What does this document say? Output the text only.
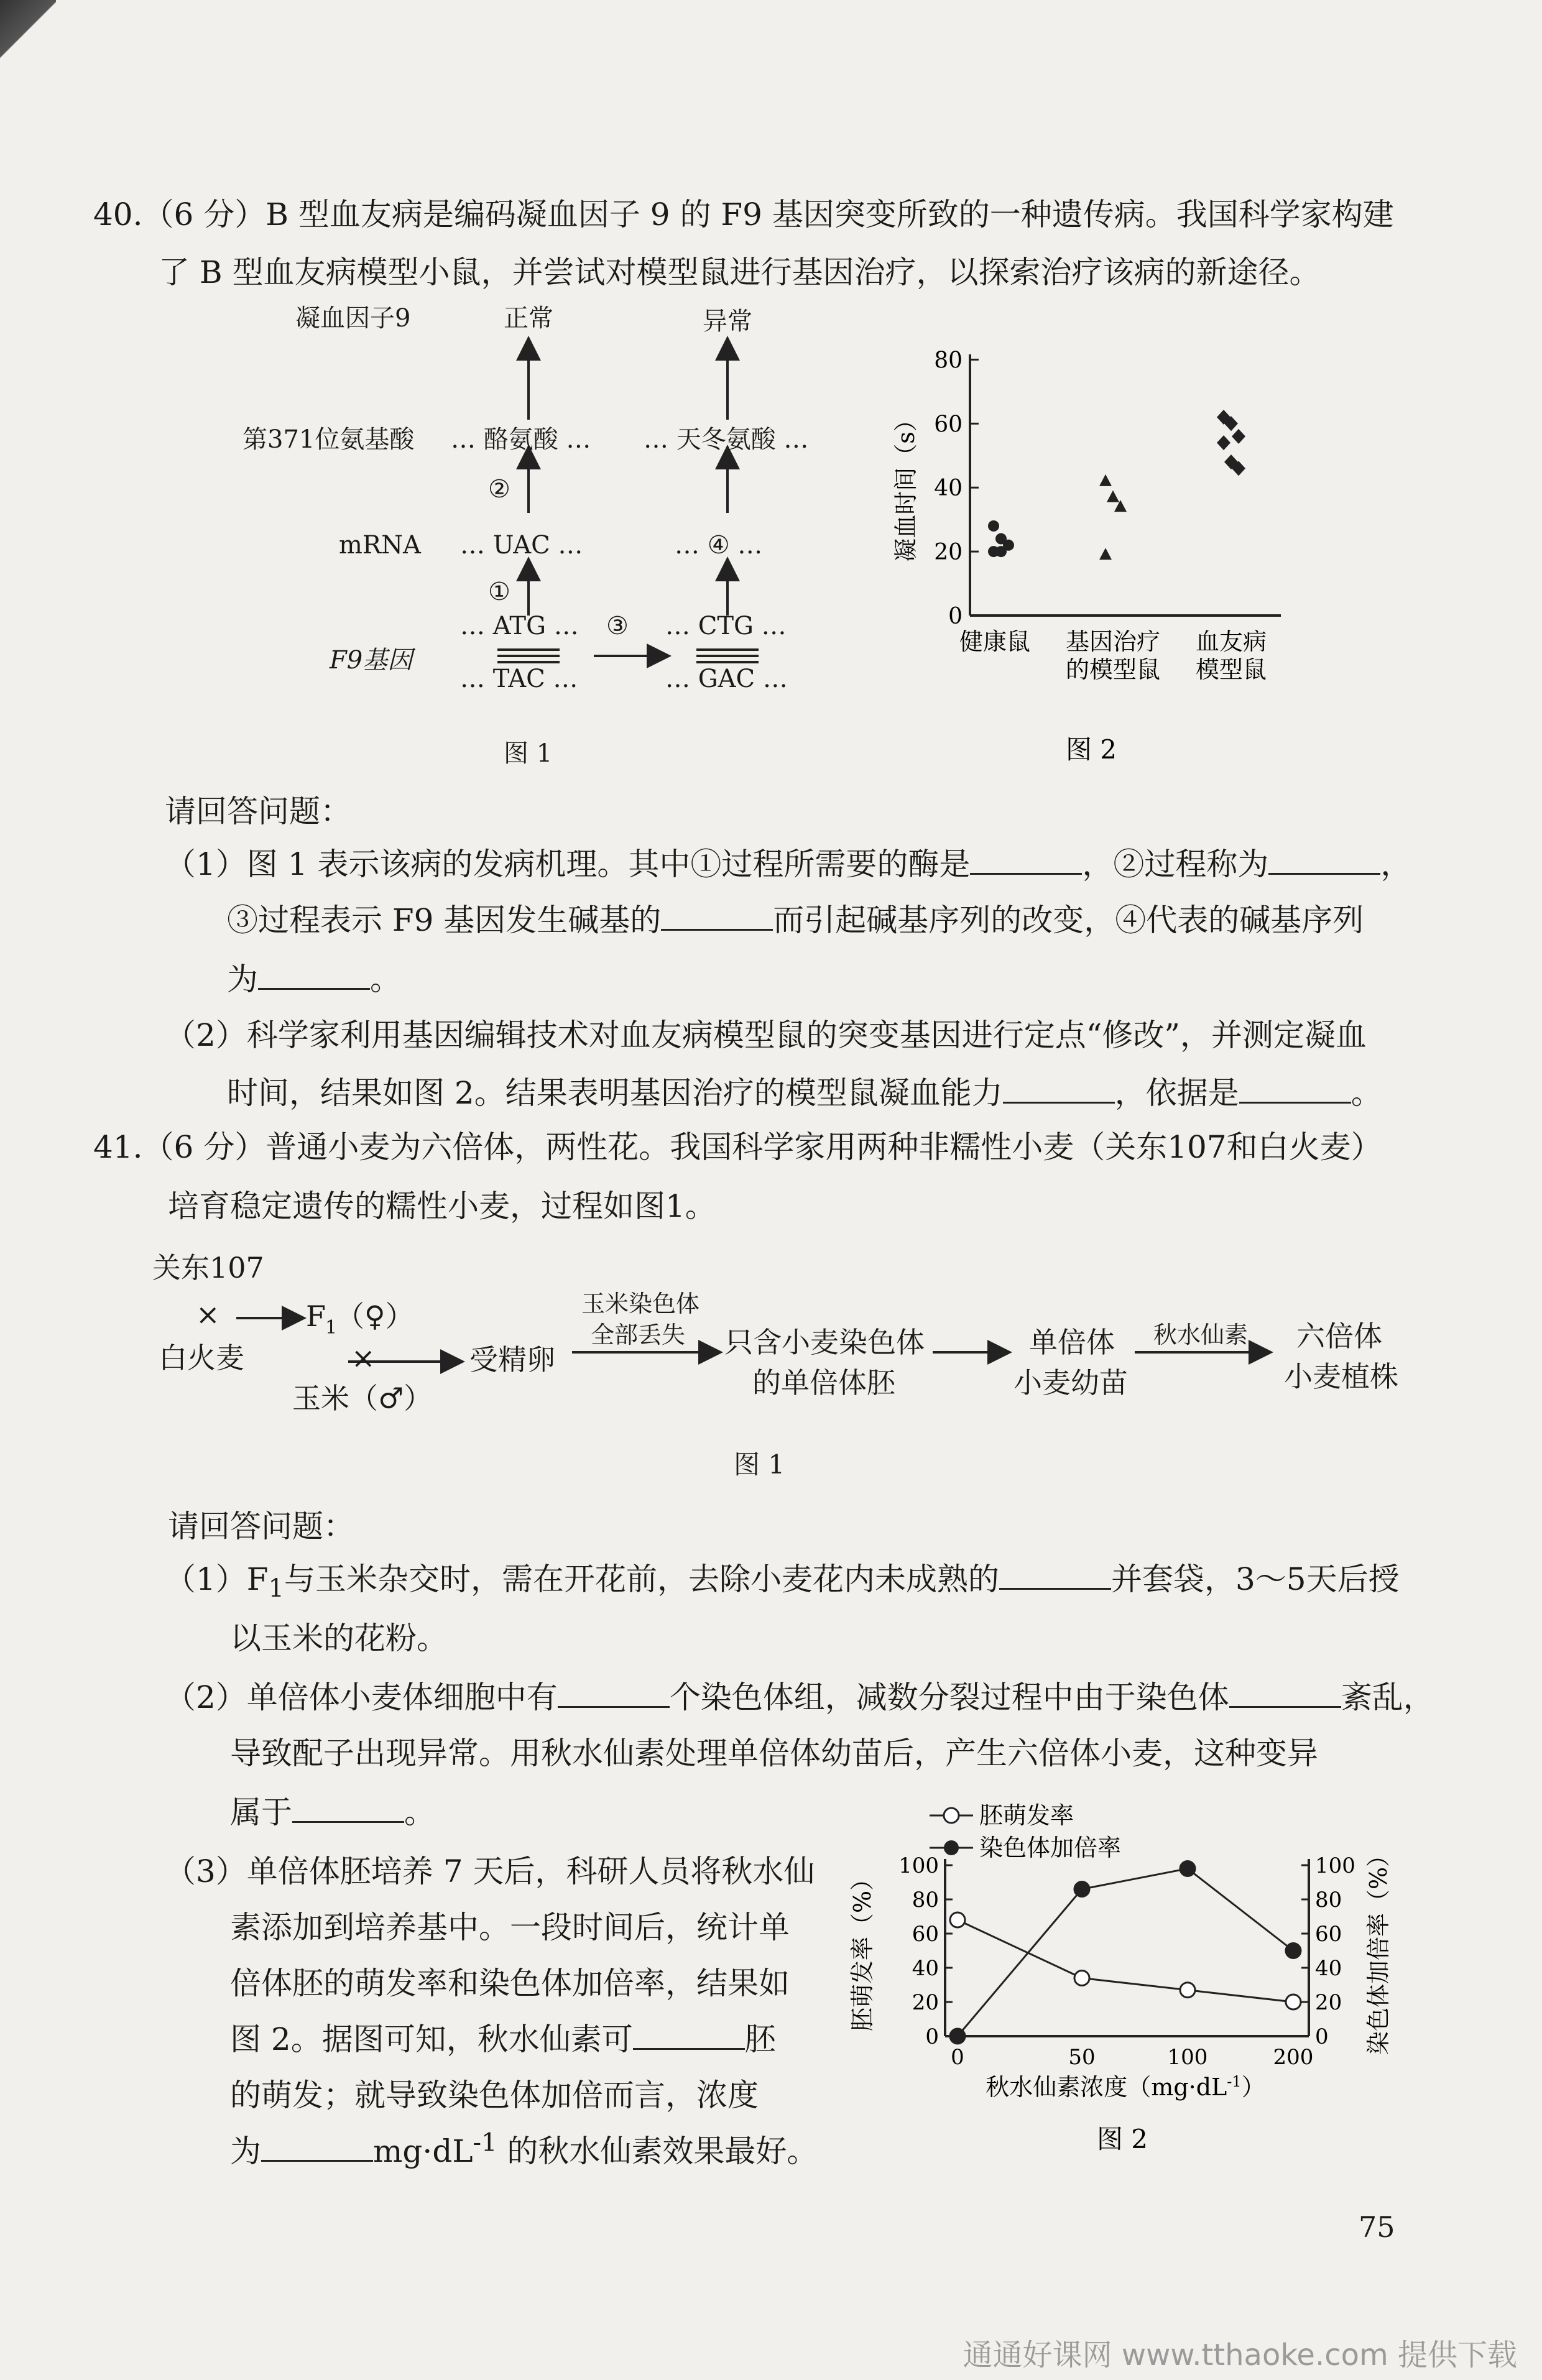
40.（6 分）B 型血友病是编码凝血因子 9 的 F9 基因突变所致的一种遗传病。我国科学家构建
了 B 型血友病模型小鼠，并尝试对模型鼠进行基因治疗，以探索治疗该病的新途径。
凝血因子9	正常	异常
第371位氨基酸 … 酪氨酸 … … 天冬氨酸 …
②
mRNA … UAC …	… ④ …
①
F9基因
… ATG … ③ … CTG …
… TAC …	… GAC …
图 1
0
20
40
60
80
凝血时间（s）
健康鼠 基因治疗
的模型鼠
血友病
模型鼠
图 2
请回答问题：
（1）图 1 表示该病的发病机理。其中①过程所需要的酶是	，②过程称为	，
③过程表示 F9 基因发生碱基的	而引起碱基序列的改变，④代表的碱基序列
为	。
（2）科学家利用基因编辑技术对血友病模型鼠的突变基因进行定点“修改”，并测定凝血
时间，结果如图 2。结果表明基因治疗的模型鼠凝血能力	，依据是	。
41.（6 分）普通小麦为六倍体，两性花。我国科学家用两种非糯性小麦（关东107和白火麦）
培育稳定遗传的糯性小麦，过程如图1。
关东107
×	F 1
（♀）
白火麦	×
玉米（♂）
受精卵
玉米染色体
全部丢失 只含小麦染色体
的单倍体胚
单倍体
小麦幼苗
秋水仙素 六倍体
小麦植株
图 1
请回答问题：
$(1)F_1$与玉米杂交时，需在开花前，去除小麦花内未成熟的	并套袋，3～5天后授
以玉米的花粉。
（2）单倍体小麦体细胞中有	个染色体组，减数分裂过程中由于染色体	紊乱，
导致配子出现异常。用秋水仙素处理单倍体幼苗后，产生六倍体小麦，这种变异
属于	。
（3）单倍体胚培养 7 天后，科研人员将秋水仙
素添加到培养基中。一段时间后，统计单
倍体胚的萌发率和染色体加倍率，结果如
图 2。据图可知，秋水仙素可	胚
的萌发；就导致染色体加倍而言，浓度
为	$mg\cdot dL^{-1}$ 的秋水仙素效果最好。
胚萌发率
染色体加倍率
0	0
20	20
40	40
60	60
80	80
100	100
0	50	100	200
胚萌发率（%）	染色体加倍率（%）
秋水仙素浓度$(mg\cdot dL^{-1})$
图 2
75
通通好课网 www.tthaoke.com 提供下载
